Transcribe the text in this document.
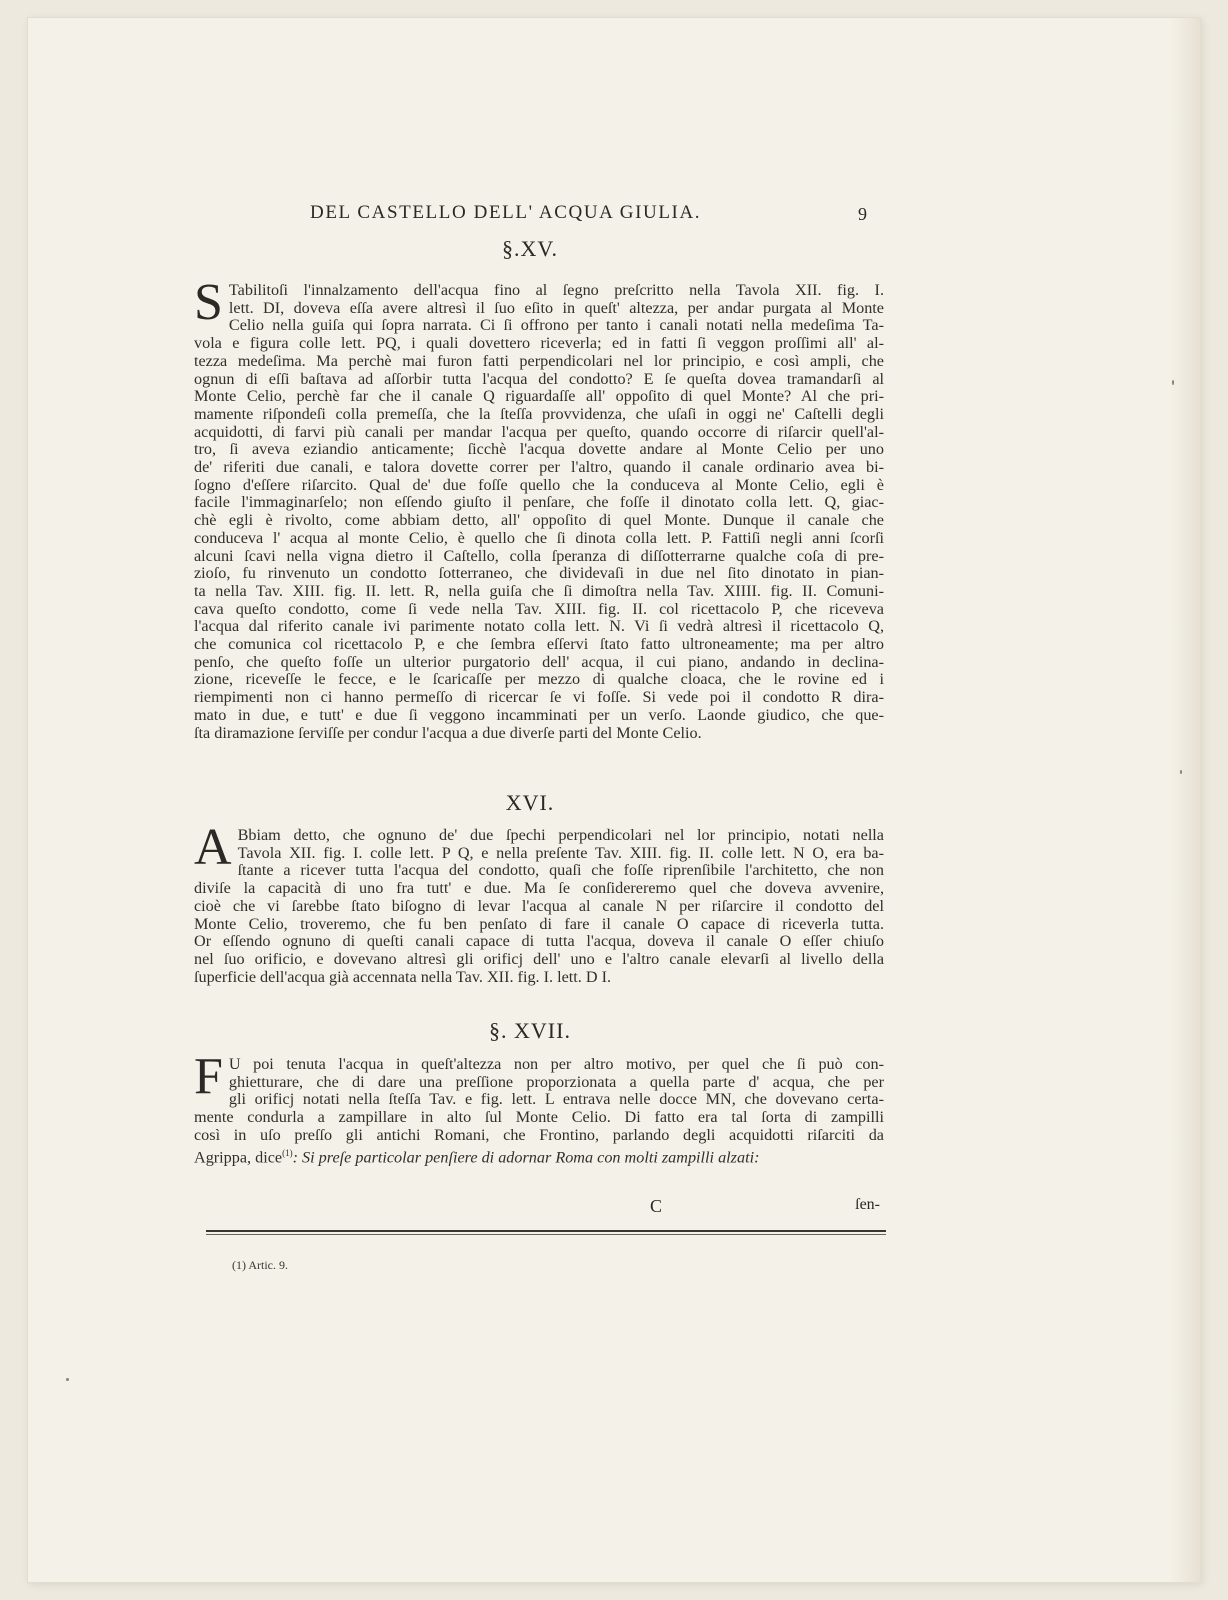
DEL CASTELLO DELL' ACQUA GIULIA.	9
§.XV.
S Tabilitoſi l'innalzamento dell'acqua fino al ſegno preſcritto nella Tavola XII. fig. I.

lett. DI, doveva eſſa avere altresì il ſuo eſito in queſt' altezza, per andar purgata al Monte

Celio nella guiſa qui ſopra narrata. Ci ſi offrono per tanto i canali notati nella medeſima Ta-

vola e figura colle lett. PQ, i quali dovettero riceverla; ed in fatti ſi veggon proſſimi all' al-

tezza medeſima. Ma perchè mai furon fatti perpendicolari nel lor principio, e così ampli, che

ognun di eſſi baſtava ad aſſorbir tutta l'acqua del condotto? E ſe queſta dovea tramandarſi al

Monte Celio, perchè far che il canale Q riguardaſſe all' oppoſito di quel Monte? Al che pri-

mamente riſpondeſi colla premeſſa, che la ſteſſa provvidenza, che uſaſi in oggi ne' Caſtelli degli

acquidotti, di farvi più canali per mandar l'acqua per queſto, quando occorre di riſarcir quell'al-

tro, ſi aveva eziandio anticamente; ſicchè l'acqua dovette andare al Monte Celio per uno

de' riferiti due canali, e talora dovette correr per l'altro, quando il canale ordinario avea bi-

ſogno d'eſſere riſarcito. Qual de' due foſſe quello che la conduceva al Monte Celio, egli è

facile l'immaginarſelo; non eſſendo giuſto il penſare, che foſſe il dinotato colla lett. Q, giac-

chè egli è rivolto, come abbiam detto, all' oppoſito di quel Monte. Dunque il canale che

conduceva l' acqua al monte Celio, è quello che ſi dinota colla lett. P. Fattiſi negli anni ſcorſi

alcuni ſcavi nella vigna dietro il Caſtello, colla ſperanza di diſſotterrarne qualche coſa di pre-

zioſo, fu rinvenuto un condotto ſotterraneo, che dividevaſi in due nel ſito dinotato in pian-

ta nella Tav. XIII. fig. II. lett. R, nella guiſa che ſi dimoſtra nella Tav. XIIII. fig. II. Comuni-

cava queſto condotto, come ſi vede nella Tav. XIII. fig. II. col ricettacolo P, che riceveva

l'acqua dal riferito canale ivi parimente notato colla lett. N. Vi ſi vedrà altresì il ricettacolo Q,

che comunica col ricettacolo P, e che ſembra eſſervi ſtato fatto ultroneamente; ma per altro

penſo, che queſto foſſe un ulterior purgatorio dell' acqua, il cui piano, andando in declina-

zione, riceveſſe le fecce, e le ſcaricaſſe per mezzo di qualche cloaca, che le rovine ed i

riempimenti non ci hanno permeſſo di ricercar ſe vi foſſe. Si vede poi il condotto R dira-

mato in due, e tutt' e due ſi veggono incamminati per un verſo. Laonde giudico, che que-

ſta diramazione ſerviſſe per condur l'acqua a due diverſe parti del Monte Celio.

XVI.
A Bbiam detto, che ognuno de' due ſpechi perpendicolari nel lor principio, notati nella

Tavola XII. fig. I. colle lett. P Q, e nella preſente Tav. XIII. fig. II. colle lett. N O, era ba-

ſtante a ricever tutta l'acqua del condotto, quaſi che foſſe riprenſibile l'architetto, che non

diviſe la capacità di uno fra tutt' e due. Ma ſe conſidereremo quel che doveva avvenire,

cioè che vi ſarebbe ſtato biſogno di levar l'acqua al canale N per riſarcire il condotto del

Monte Celio, troveremo, che fu ben penſato di fare il canale O capace di riceverla tutta.

Or eſſendo ognuno di queſti canali capace di tutta l'acqua, doveva il canale O eſſer chiuſo

nel ſuo orificio, e dovevano altresì gli orificj dell' uno e l'altro canale elevarſi al livello della

ſuperficie dell'acqua già accennata nella Tav. XII. fig. I. lett. D I.

§. XVII.
F U poi tenuta l'acqua in queſt'altezza non per altro motivo, per quel che ſi può con-

ghietturare, che di dare una preſſione proporzionata a quella parte d' acqua, che per

gli orificj notati nella ſteſſa Tav. e fig. lett. L entrava nelle docce MN, che dovevano certa-

mente condurla a zampillare in alto ſul Monte Celio. Di fatto era tal ſorta di zampilli

così in uſo preſſo gli antichi Romani, che Frontino, parlando degli acquidotti riſarciti da

Agrippa, dice$^{(1)}$: Si preſe particolar penſiere di adornar Roma con molti zampilli alzati:

C	ſen-
(1) Artic. 9.
